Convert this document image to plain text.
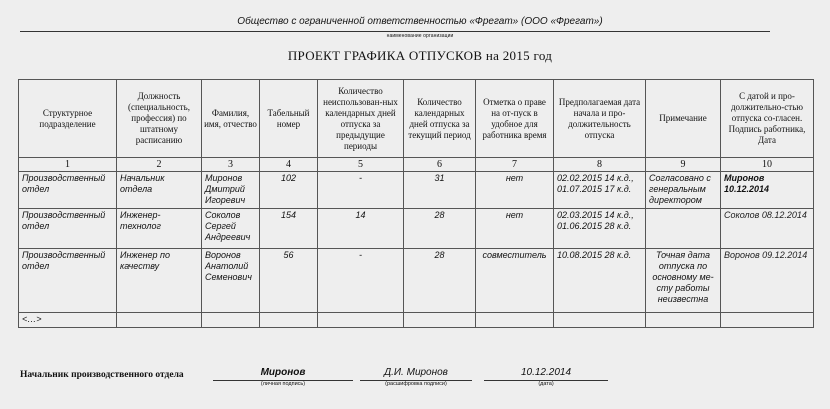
Общество с ограниченной ответственностью «Фрегат» (ООО «Фрегат»)
наименование организации
ПРОЕКТ ГРАФИКА ОТПУСКОВ на 2015 год
Структурное подразделение	Должность (специальность, профессия) по штатному расписанию	Фамилия, имя, отчество	Табельный номер	Количество неиспользован-ных календарных дней отпуска за предыдущие периоды	Количество календарных дней отпуска за текущий период	Отметка о праве на от-пуск в удобное для работника время	Предполагаемая дата начала и про-должительность отпуска	Примечание	С датой и про-должительно-стью отпуска со-гласен. Подпись работника, Дата
1	2	3	4	5	6	7	8	9	10
Производственный отдел	Начальник отдела	Миронов Дмитрий Игоревич	102	-	31	нет	02.02.2015 14 к.д., 01.07.2015 17 к.д.	Согласовано с генеральным директором	Миронов 10.12.2014
Производственный отдел	Инженер-технолог	Соколов Сергей Андреевич	154	14	28	нет	02.03.2015 14 к.д., 01.06.2015 28 к.д.		Соколов 08.12.2014
Производственный отдел	Инженер по качеству	Воронов Анатолий Семенович	56	-	28	совместитель	10.08.2015 28 к.д.	Точная дата отпуска по основному ме-сту работы неизвестна	Воронов 09.12.2014
<…>									
Начальник производственного отдела	Миронов
(личная подпись)
Д.И. Миронов
(расшифровка подписи)
10.12.2014
(дата)
